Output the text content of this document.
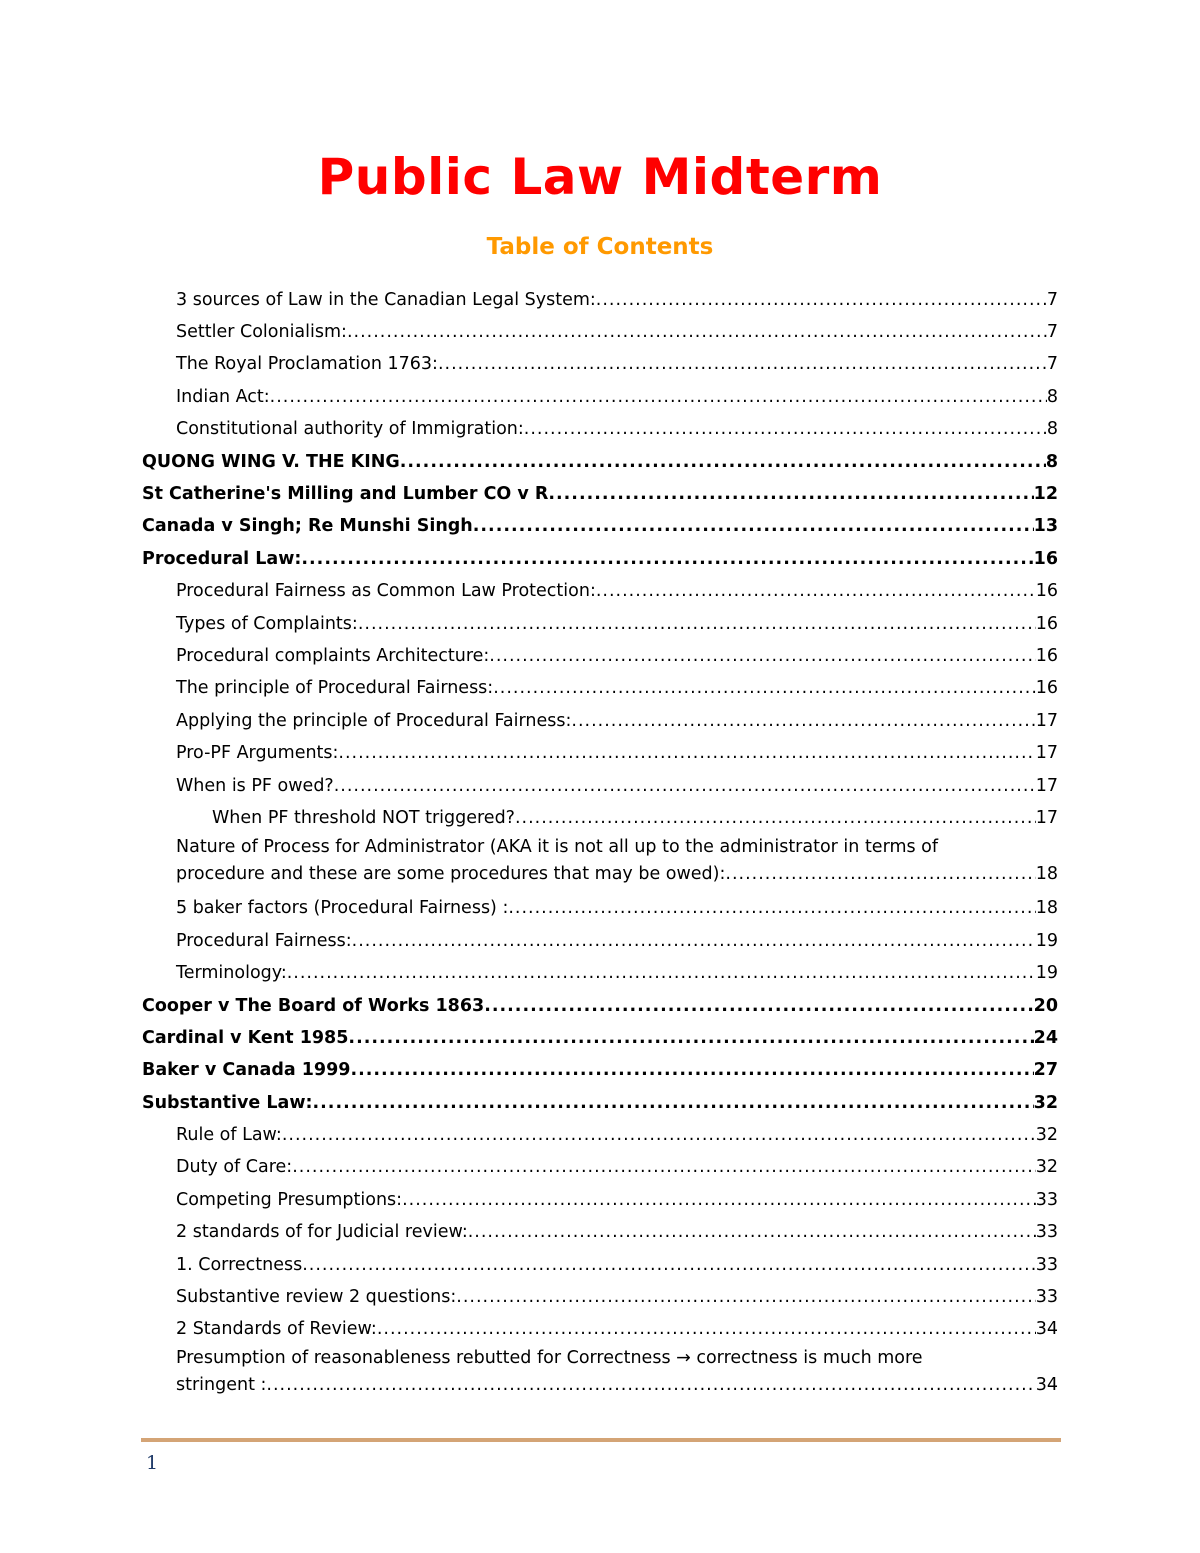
Public Law Midterm
Table of Contents
3 sources of Law in the Canadian Legal System: .....	7
Settler Colonialism: .....	7
The Royal Proclamation 1763: .....	7
Indian Act: .....	8
Constitutional authority of Immigration: .....	8
QUONG WING V. THE KING .....	8
St Catherine's Milling and Lumber CO v R .....	12
Canada v Singh; Re Munshi Singh .....	13
Procedural Law: .....	16
Procedural Fairness as Common Law Protection: .....	16
Types of Complaints: .....	16
Procedural complaints Architecture: .....	16
The principle of Procedural Fairness: .....	16
Applying the principle of Procedural Fairness: .....	17
Pro-PF Arguments: .....	17
When is PF owed? .....	17
When PF threshold NOT triggered? .....	17
Nature of Process for Administrator (AKA it is not all up to the administrator in terms of
procedure and these are some procedures that may be owed): .....	18
5 baker factors (Procedural Fairness) : .....	18
Procedural Fairness: .....	19
Terminology: .....	19
Cooper v The Board of Works 1863 .....	20
Cardinal v Kent 1985 .....	24
Baker v Canada 1999 .....	27
Substantive Law: .....	32
Rule of Law: .....	32
Duty of Care: .....	32
Competing Presumptions: .....	33
2 standards of for Judicial review: .....	33
1. Correctness .....	33
Substantive review 2 questions: .....	33
2 Standards of Review: .....	34
Presumption of reasonableness rebutted for Correctness → correctness is much more
stringent : .....	34
1
